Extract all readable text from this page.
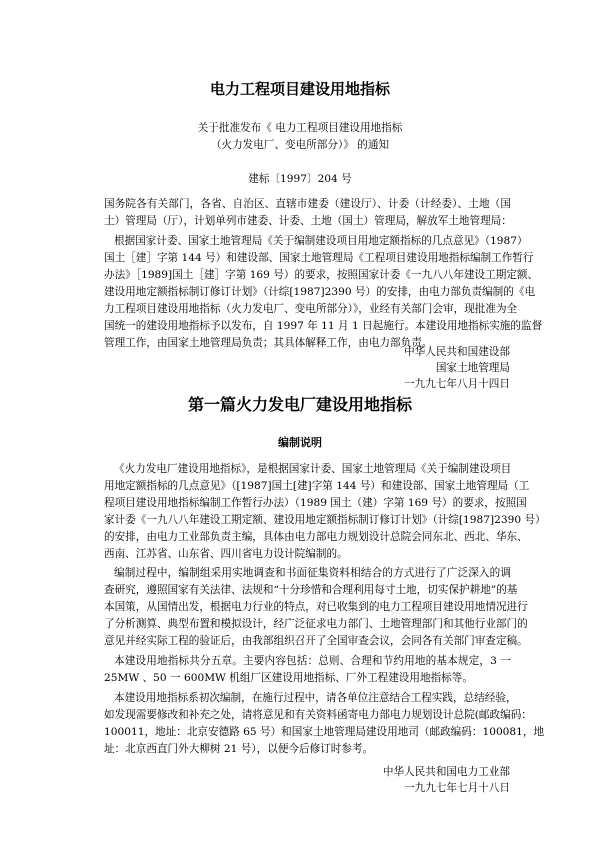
电力工程项目建设用地指标
关于批准发布《 电力工程项目建设用地指标
（火力发电厂、变电所部分）》 的通知
建标〔1997〕204 号
国务院各有关部门，各省、自治区、直辖市建委（建设厅）、计委（计经委）、土地（国
土）管理局（厅），计划单列市建委、计委、土地（国土）管理局，解放军土地管理局：
根据国家计委、国家土地管理局《关于编制建设项目用地定额指标的几点意见》（1987）
国土［建］字第 144 号）和建设部、国家土地管理局《工程项目建设用地指标编制工作暂行
办法》［1989]国土［建］字第 169 号）的要求，按照国家计委《一九八八年建设工期定额、
建设用地定额指标制订修订计划》（计综[1987]2390 号）的安排，由电力部负责编制的《电
力工程项目建设用地指标（火力发电厂、变电所部分）》，业经有关部门会审，现批准为全
国统一的建设用地指标予以发布，自 1997 年 11 月 1 日起施行。本建设用地指标实施的监督
管理工作，由国家土地管理局负责；其具体解释工作，由电力部负责。
中华人民共和国建设部
国家土地管理局
一九九七年八月十四日
第一篇火力发电厂建设用地指标
编制说明
《火力发电厂建设用地指标》，是根据国家计委、国家土地管理局《关于编制建设项目
用地定额指标的几点意见》（[1987]国土[建]字第 144 号）和建设部、国家土地管理局（工
程项目建设用地指标编制工作暂行办法）（1989 国土（建）字第 169 号）的要求，按照国
家计委《一九八八年建设工期定额、建设用地定额指标制订修订计划》（计综[1987]2390 号）
的安排，由电力工业部负责主编，具体由电力部电力规划设计总院会同东北、西北、华东、
西南、江苏省、山东省、四川省电力设计院编制的。
编制过程中，编制组采用实地调查和书面征集资料相结合的方式进行了广泛深入的调
查研究，遵照国家有关法律、法规和“十分珍惜和合理利用每寸土地，切实保护耕地”的基
本国策，从国情出发，根据电力行业的特点，对已收集到的电力工程项目建设用地情况进行
了分析测算、典型布置和模拟设计，经广泛征求电力部门、土地管理部门和其他行业部门的
意见并经实际工程的验证后，由我部组织召开了全国审查会议，会同各有关部门审查定稿。
本建设用地指标共分五章。主要内容包括：总则、合理和节约用地的基本规定，3 一
25MW 、50 一 600MW 机组厂区建设用地指标、厂外工程建设用地指标等。
本建设用地指标系初次编制，在施行过程中，请各单位注意结合工程实践，总结经验，
如发现需要修改和补充之处，请将意见和有关资料函寄电力部电力规划设计总院(邮政编码：
100011，地址：北京安德路 65 号）和国家土地管理局建设用地司（邮政编码：100081，地
址：北京西直门外大柳树 21 号），以便今后修订时参考。
中华人民共和国电力工业部
一九九七年七月十八日
